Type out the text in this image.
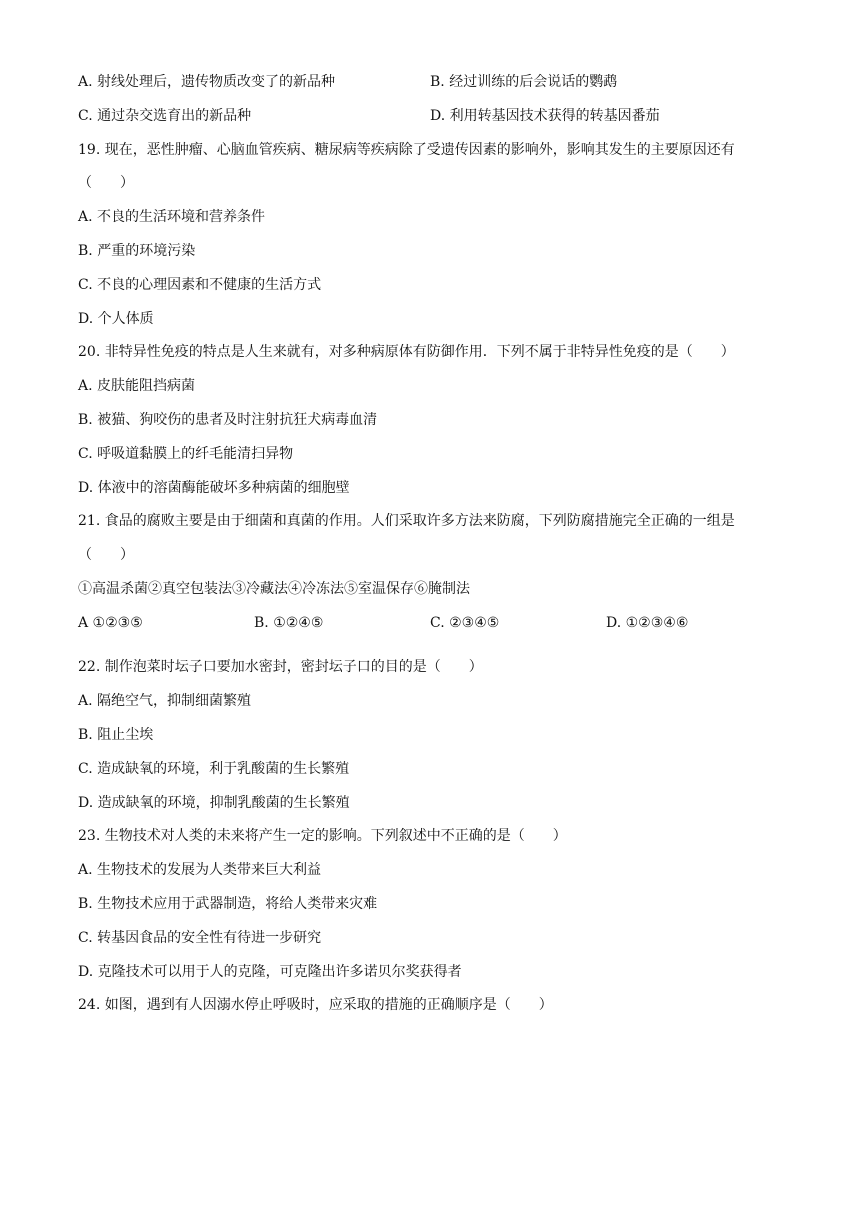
A. 射线处理后，遗传物质改变了的新品种	B. 经过训练的后会说话的鹦鹉
C. 通过杂交选育出的新品种	D. 利用转基因技术获得的转基因番茄
19. 现在，恶性肿瘤、心脑血管疾病、糖尿病等疾病除了受遗传因素的影响外，影响其发生的主要原因还有
（　　）
A. 不良的生活环境和营养条件
B. 严重的环境污染
C. 不良的心理因素和不健康的生活方式
D. 个人体质
20. 非特异性免疫的特点是人生来就有，对多种病原体有防御作用．下列不属于非特异性免疫的是（　　）
A. 皮肤能阻挡病菌
B. 被猫、狗咬伤的患者及时注射抗狂犬病毒血清
C. 呼吸道黏膜上的纤毛能清扫异物
D. 体液中的溶菌酶能破坏多种病菌的细胞壁
21. 食品的腐败主要是由于细菌和真菌的作用。人们采取许多方法来防腐，下列防腐措施完全正确的一组是
（　　）
①高温杀菌②真空包装法③冷藏法④冷冻法⑤室温保存⑥腌制法
A ①②③⑤	B. ①②④⑤	C. ②③④⑤	D. ①②③④⑥
22. 制作泡菜时坛子口要加水密封，密封坛子口的目的是（　　）
A. 隔绝空气，抑制细菌繁殖
B. 阻止尘埃
C. 造成缺氧的环境，利于乳酸菌的生长繁殖
D. 造成缺氧的环境，抑制乳酸菌的生长繁殖
23. 生物技术对人类的未来将产生一定的影响。下列叙述中不正确的是（　　）
A. 生物技术的发展为人类带来巨大利益
B. 生物技术应用于武器制造，将给人类带来灾难
C. 转基因食品的安全性有待进一步研究
D. 克隆技术可以用于人的克隆，可克隆出许多诺贝尔奖获得者
24. 如图，遇到有人因溺水停止呼吸时，应采取的措施的正确顺序是（　　）
